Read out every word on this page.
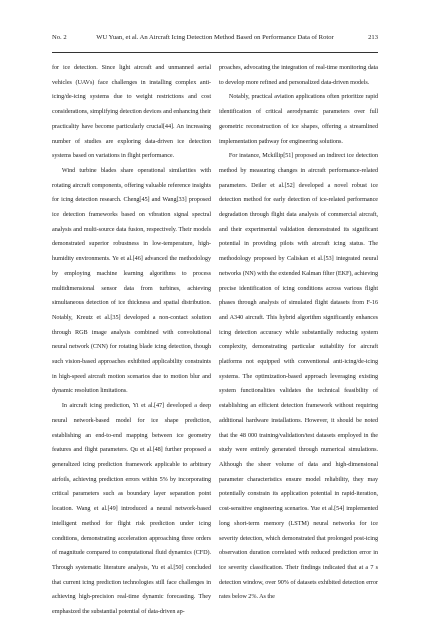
No. 2	WU Yuan, et al. An Aircraft Icing Detection Method Based on Performance Data of Rotor	213

for ice detection. Since light aircraft and unmanned aerial vehicles (UAVs) face challenges in installing complex anti-icing/de-icing systems due to weight restrictions and cost considerations, simplifying detection devices and enhancing their practicality have become particularly crucial[44]. An increasing number of studies are exploring data-driven ice detection systems based on variations in flight performance.

Wind turbine blades share operational similarities with rotating aircraft components, offering valuable reference insights for icing detection research. Cheng[45] and Wang[33] proposed ice detection frameworks based on vibration signal spectral analysis and multi-source data fusion, respectively. Their models demonstrated superior robustness in low-temperature, high-humidity environments. Ye et al.[46] advanced the methodology by employing machine learning algorithms to process multidimensional sensor data from turbines, achieving simultaneous detection of ice thickness and spatial distribution. Notably, Kreutz et al.[35] developed a non-contact solution through RGB image analysis combined with convolutional neural network (CNN) for rotating blade icing detection, though such vision-based approaches exhibited applicability constraints in high-speed aircraft motion scenarios due to motion blur and dynamic resolution limitations.

In aircraft icing prediction, Yi et al.[47] developed a deep neural network-based model for ice shape prediction, establishing an end-to-end mapping between ice geometry features and flight parameters. Qu et al.[48] further proposed a generalized icing prediction framework applicable to arbitrary airfoils, achieving prediction errors within 5% by incorporating critical parameters such as boundary layer separation point location. Wang et al.[49] introduced a neural network-based intelligent method for flight risk prediction under icing conditions, demonstrating acceleration approaching three orders of magnitude compared to computational fluid dynamics (CFD). Through systematic literature analysis, Yu et al.[50] concluded that current icing prediction technologies still face challenges in achieving high-precision real-time dynamic forecasting. They emphasized the substantial potential of data-driven ap-

proaches, advocating the integration of real-time monitoring data to develop more refined and personalized data-driven models.

Notably, practical aviation applications often prioritize rapid identification of critical aerodynamic parameters over full geometric reconstruction of ice shapes, offering a streamlined implementation pathway for engineering solutions.

For instance, Mckillip[51] proposed an indirect ice detection method by measuring changes in aircraft performance-related parameters. Deiler et al.[52] developed a novel robust ice detection method for early detection of ice-related performance degradation through flight data analysis of commercial aircraft, and their experimental validation demonstrated its significant potential in providing pilots with aircraft icing status. The methodology proposed by Caliskan et al.[53] integrated neural networks (NN) with the extended Kalman filter (EKF), achieving precise identification of icing conditions across various flight phases through analysis of simulated flight datasets from F-16 and A340 aircraft. This hybrid algorithm significantly enhances icing detection accuracy while substantially reducing system complexity, demonstrating particular suitability for aircraft platforms not equipped with conventional anti-icing/de-icing systems. The optimization-based approach leveraging existing system functionalities validates the technical feasibility of establishing an efficient detection framework without requiring additional hardware installations. However, it should be noted that the 48 000 training/validation/test datasets employed in the study were entirely generated through numerical simulations. Although the sheer volume of data and high-dimensional parameter characteristics ensure model reliability, they may potentially constrain its application potential in rapid-iteration, cost-sensitive engineering scenarios. Yue et al.[54] implemented long short-term memory (LSTM) neural networks for ice severity detection, which demonstrated that prolonged post-icing observation duration correlated with reduced prediction error in ice severity classification. Their findings indicated that at a 7 s detection window, over 90% of datasets exhibited detection error rates below 2%. As the
